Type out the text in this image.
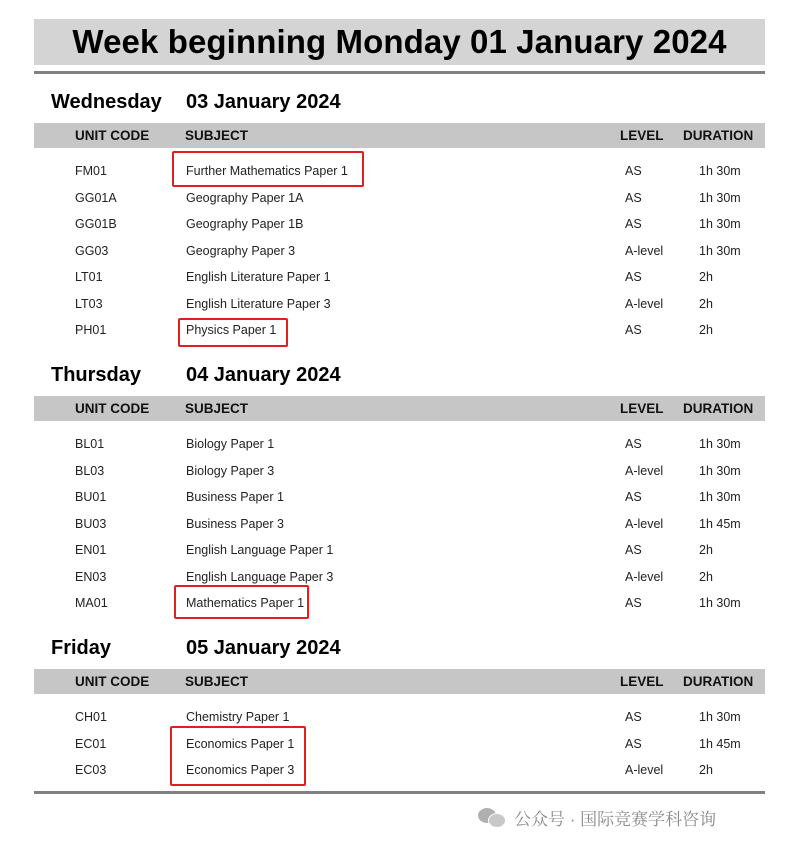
Week beginning Monday 01 January 2024
Wednesday 03 January 2024
UNIT CODE	SUBJECT	LEVEL DURATION
FM01	Further Mathematics Paper 1	AS	1h 30m
GG01A	Geography Paper 1A	AS	1h 30m
GG01B	Geography Paper 1B	AS	1h 30m
GG03	Geography Paper 3	A-level	1h 30m
LT01	English Literature Paper 1	AS	2h
LT03	English Literature Paper 3	A-level	2h
PH01	Physics Paper 1	AS	2h
Thursday 04 January 2024
UNIT CODE	SUBJECT	LEVEL DURATION
BL01	Biology Paper 1	AS	1h 30m
BL03	Biology Paper 3	A-level	1h 30m
BU01	Business Paper 1	AS	1h 30m
BU03	Business Paper 3	A-level	1h 45m
EN01	English Language Paper 1	AS	2h
EN03	English Language Paper 3	A-level	2h
MA01	Mathematics Paper 1	AS	1h 30m
Friday	05 January 2024
UNIT CODE	SUBJECT	LEVEL DURATION
CH01	Chemistry Paper 1	AS	1h 30m
EC01	Economics Paper 1	AS	1h 45m
EC03	Economics Paper 3	A-level	2h
公众号 · 国际竞赛学科咨询
